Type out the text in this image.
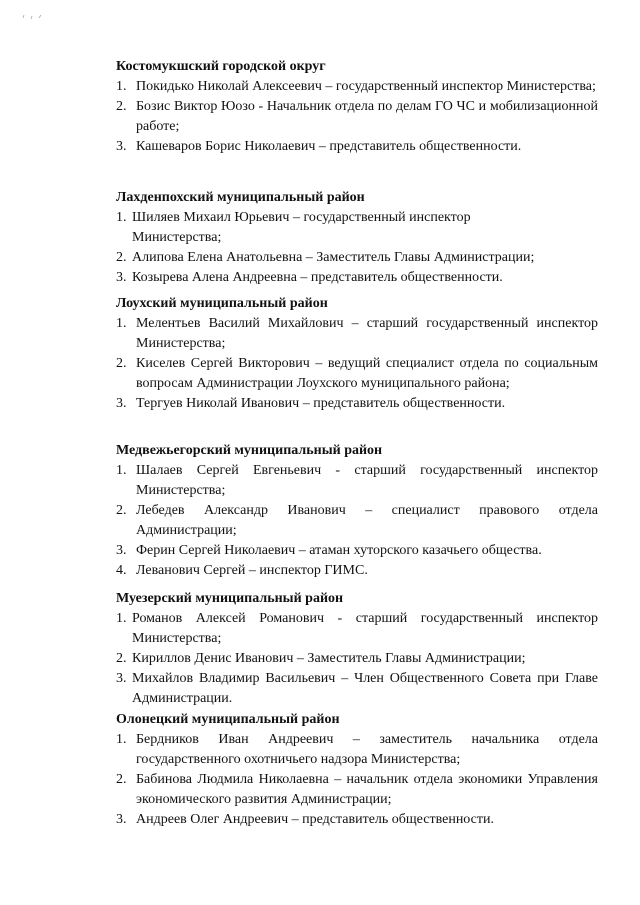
Костомукшский городской округ
1. Покидько Николай Алексеевич – государственный инспектор Министерства;
2. Бозис Виктор Юозо - Начальник отдела по делам ГО ЧС и мобилизационной работе;
3. Кашеваров Борис Николаевич – представитель общественности.
Лахденпохский муниципальный район
1. Шиляев Михаил Юрьевич – государственный инспектор Министерства;
2. Алипова Елена Анатольевна – Заместитель Главы Администрации;
3. Козырева Алена Андреевна – представитель общественности.
Лоухский муниципальный район
1. Мелентьев Василий Михайлович – старший государственный инспектор Министерства;
2. Киселев Сергей Викторович – ведущий специалист отдела по социальным вопросам Администрации Лоухского муниципального района;
3. Тергуев Николай Иванович – представитель общественности.
Медвежьегорский муниципальный район
1. Шалаев Сергей Евгеньевич - старший государственный инспектор Министерства;
2. Лебедев Александр Иванович – специалист правового отдела Администрации;
3. Ферин Сергей Николаевич – атаман хуторского казачьего общества.
4. Леванович Сергей – инспектор ГИМС.
Муезерский муниципальный район
1. Романов Алексей Романович - старший государственный инспектор Министерства;
2. Кириллов Денис Иванович – Заместитель Главы Администрации;
3. Михайлов Владимир Васильевич – Член Общественного Совета при Главе Администрации.
Олонецкий муниципальный район
1. Бердников Иван Андреевич – заместитель начальника отдела государственного охотничьего надзора Министерства;
2. Бабинова Людмила Николаевна – начальник отдела экономики Управления экономического развития Администрации;
3. Андреев Олег Андреевич – представитель общественности.
